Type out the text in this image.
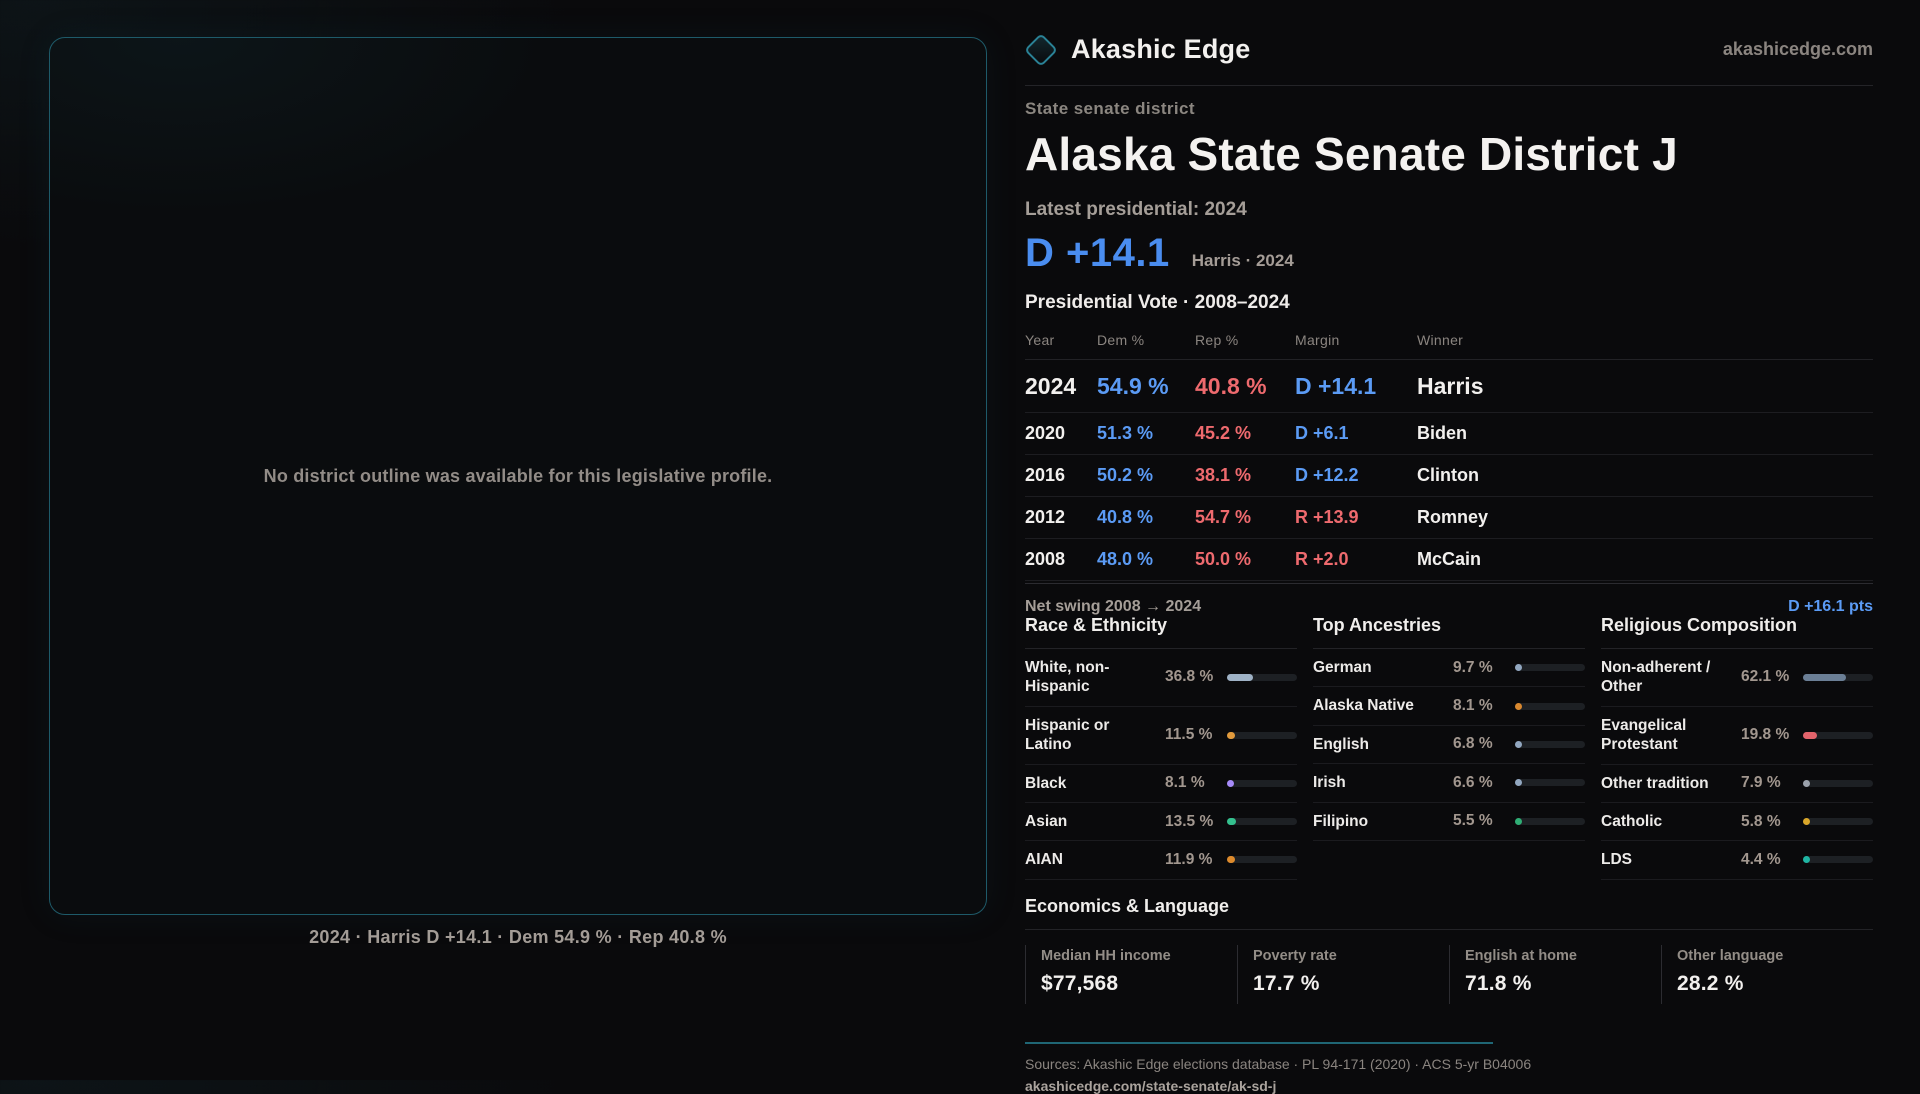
No district outline was available for this legislative profile.
2024 · Harris D +14.1 · Dem 54.9 % · Rep 40.8 %
Akashic Edge	akashicedge.com
State senate district
Alaska State Senate District J
Latest presidential: 2024
D +14.1 Harris · 2024
Presidential Vote · 2008–2024
Year	Dem %	Rep %	Margin	Winner
2024 54.9 %	40.8 %	D +14.1	Harris
2020	51.3 %	45.2 %	D +6.1	Biden
2016	50.2 %	38.1 %	D +12.2	Clinton
2012	40.8 %	54.7 %	R +13.9	Romney
2008	48.0 %	50.0 %	R +2.0	McCain
Net swing 2008 → 2024	D +16.1 pts
Race & Ethnicity
White, non-Hispanic
36.8 %
Hispanic or Latino
11.5 %
Black	8.1 %
Asian	13.5 %
AIAN	11.9 %
Top Ancestries
German	9.7 %
Alaska Native	8.1 %
English	6.8 %
Irish	6.6 %
Filipino	5.5 %
Religious Composition
Non-adherent / Other
62.1 %
Evangelical Protestant
19.8 %
Other tradition	7.9 %
Catholic	5.8 %
LDS	4.4 %
Economics & Language
Median HH income
$77,568
Poverty rate
17.7 %
English at home
71.8 %
Other language
28.2 %
Sources: Akashic Edge elections database · PL 94-171 (2020) · ACS 5-yr B04006
akashicedge.com/state-senate/ak-sd-j
